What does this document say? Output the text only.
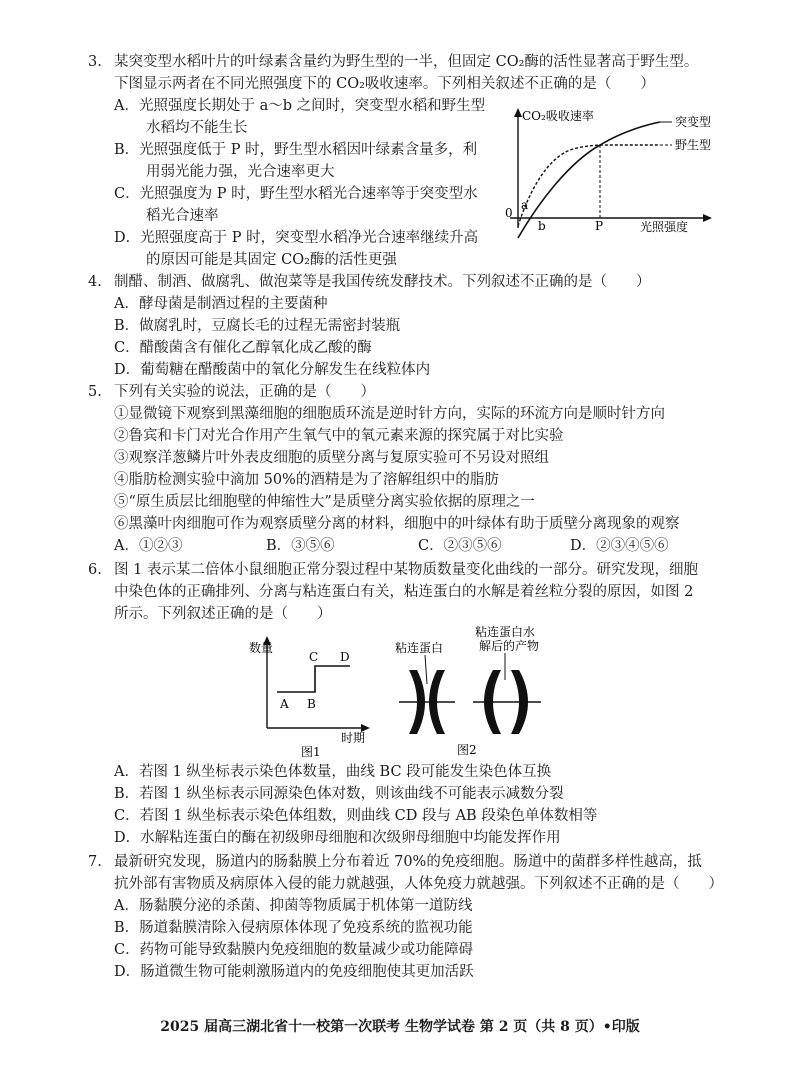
3. 某突变型水稻叶片的叶绿素含量约为野生型的一半，但固定 CO₂酶的活性显著高于野生型。
下图显示两者在不同光照强度下的 CO₂吸收速率。下列相关叙述不正确的是（　　）
A．光照强度长期处于 a～b 之间时，突变型水稻和野生型
水稻均不能生长
B．光照强度低于 P 时，野生型水稻因叶绿素含量多，利
用弱光能力强，光合速率更大
C．光照强度为 P 时，野生型水稻光合速率等于突变型水
稻光合速率
D．光照强度高于 P 时，突变型水稻净光合速率继续升高
的原因可能是其固定 CO₂酶的活性更强
CO₂吸收速率
光照强度
0
a
b	P
突变型
野生型
4. 制醋、制酒、做腐乳、做泡菜等是我国传统发酵技术。下列叙述不正确的是（　　）
A．酵母菌是制酒过程的主要菌种
B．做腐乳时，豆腐长毛的过程无需密封装瓶
C．醋酸菌含有催化乙醇氧化成乙酸的酶
D．葡萄糖在醋酸菌中的氧化分解发生在线粒体内
5. 下列有关实验的说法，正确的是（　　）
①显微镜下观察到黑藻细胞的细胞质环流是逆时针方向，实际的环流方向是顺时针方向
②鲁宾和卡门对光合作用产生氧气中的氧元素来源的探究属于对比实验
③观察洋葱鳞片叶外表皮细胞的质壁分离与复原实验可不另设对照组
④脂肪检测实验中滴加 50%的酒精是为了溶解组织中的脂肪
⑤“原生质层比细胞壁的伸缩性大”是质壁分离实验依据的原理之一
⑥黑藻叶肉细胞可作为观察质壁分离的材料，细胞中的叶绿体有助于质壁分离现象的观察
A．①②③	B．③⑤⑥	C．②③⑤⑥	D．②③④⑤⑥
6. 图 1 表示某二倍体小鼠细胞正常分裂过程中某物质数量变化曲线的一部分。研究发现，细胞
中染色体的正确排列、分离与粘连蛋白有关，粘连蛋白的水解是着丝粒分裂的原因，如图 2
所示。下列叙述正确的是（　　）
数量
时期
A B
C D
图1
粘连蛋白
粘连蛋白水
解后的产物
图2
A．若图 1 纵坐标表示染色体数量，曲线 BC 段可能发生染色体互换
B．若图 1 纵坐标表示同源染色体对数，则该曲线不可能表示减数分裂
C．若图 1 纵坐标表示染色体组数，则曲线 CD 段与 AB 段染色单体数相等
D．水解粘连蛋白的酶在初级卵母细胞和次级卵母细胞中均能发挥作用
7. 最新研究发现，肠道内的肠黏膜上分布着近 70%的免疫细胞。肠道中的菌群多样性越高，抵
抗外部有害物质及病原体入侵的能力就越强，人体免疫力就越强。下列叙述不正确的是（　　）
A．肠黏膜分泌的杀菌、抑菌等物质属于机体第一道防线
B．肠道黏膜清除入侵病原体体现了免疫系统的监视功能
C．药物可能导致黏膜内免疫细胞的数量减少或功能障碍
D．肠道微生物可能刺激肠道内的免疫细胞使其更加活跃
2025 届高三湖北省十一校第一次联考 生物学试卷 第 2 页（共 8 页）•印版
